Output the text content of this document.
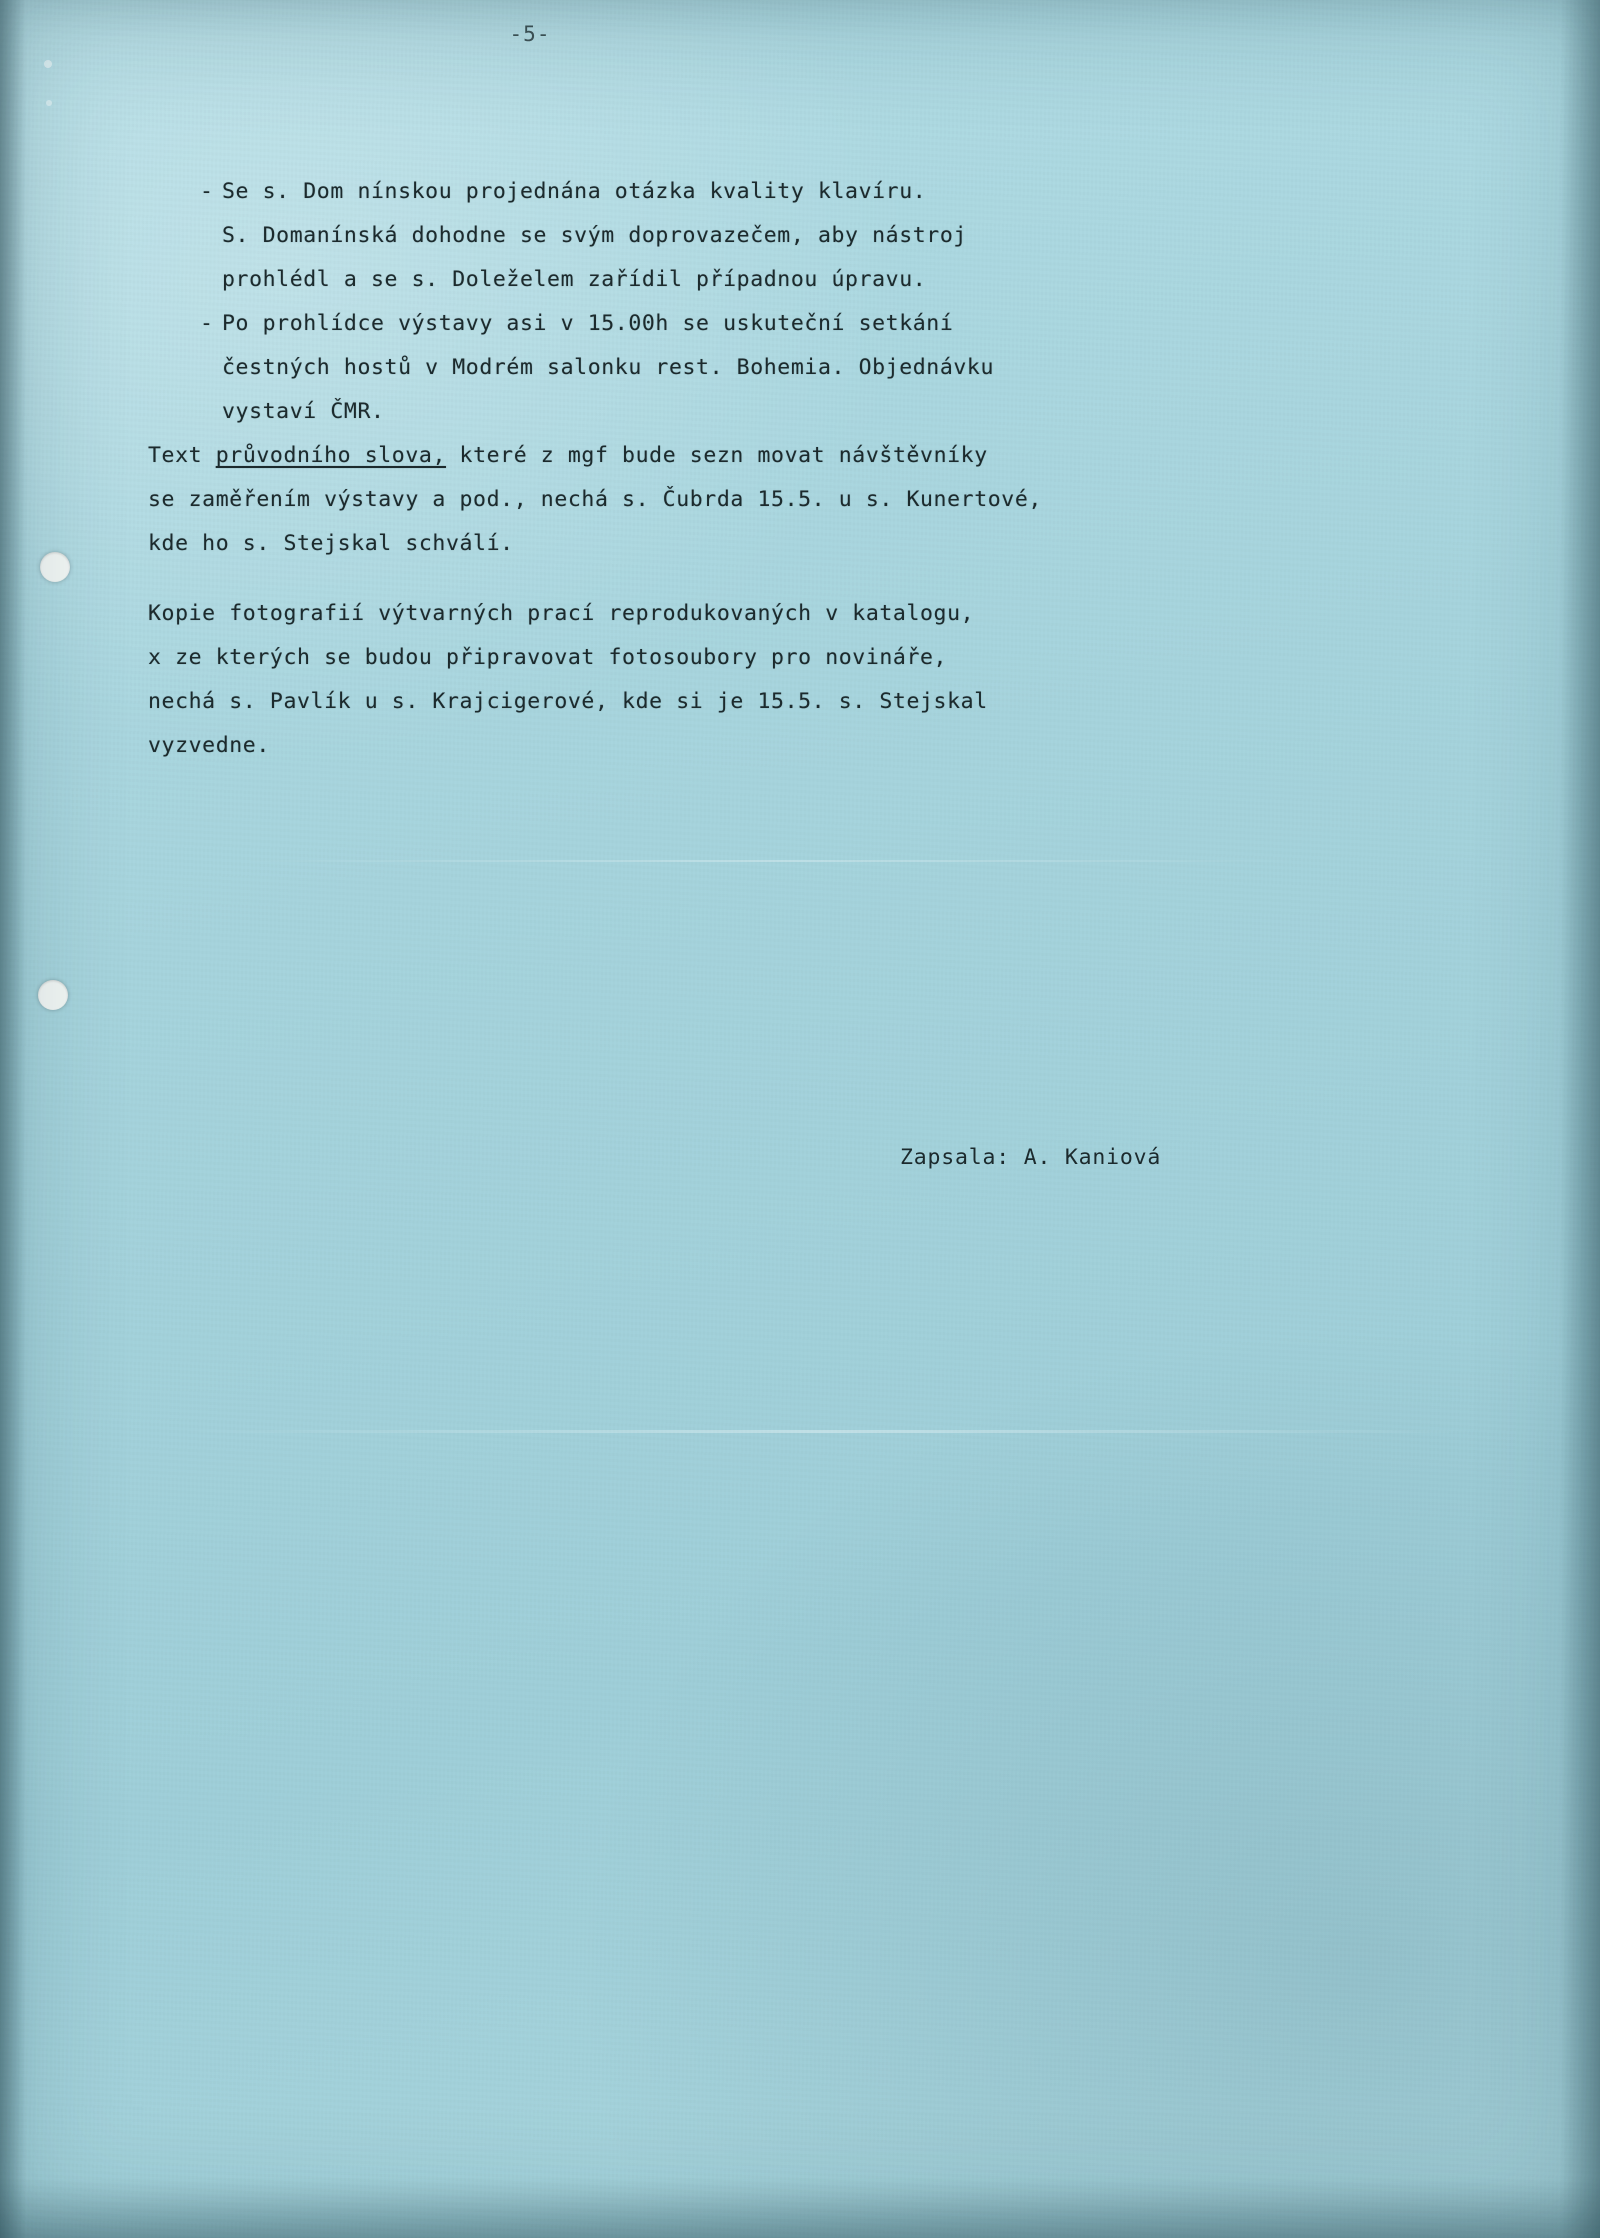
-5-
- Se s. Dom nínskou projednána otázka kvality klavíru.
S. Domanínská dohodne se svým doprovazečem, aby nástroj
prohlédl a se s. Doleželem zařídil případnou úpravu.
- Po prohlídce výstavy asi v 15.00h se uskuteční setkání
čestných hostů v Modrém salonku rest. Bohemia. Objednávku
vystaví ČMR.
Text průvodního slova, které z mgf bude sezn movat návštěvníky
se zaměřením výstavy a pod., nechá s. Čubrda 15.5. u s. Kunertové,
kde ho s. Stejskal schválí.
Kopie fotografií výtvarných prací reprodukovaných v katalogu,
x ze kterých se budou připravovat fotosoubory pro novináře,
nechá s. Pavlík u s. Krajcigerové, kde si je 15.5. s. Stejskal
vyzvedne.
Zapsala: A. Kaniová
